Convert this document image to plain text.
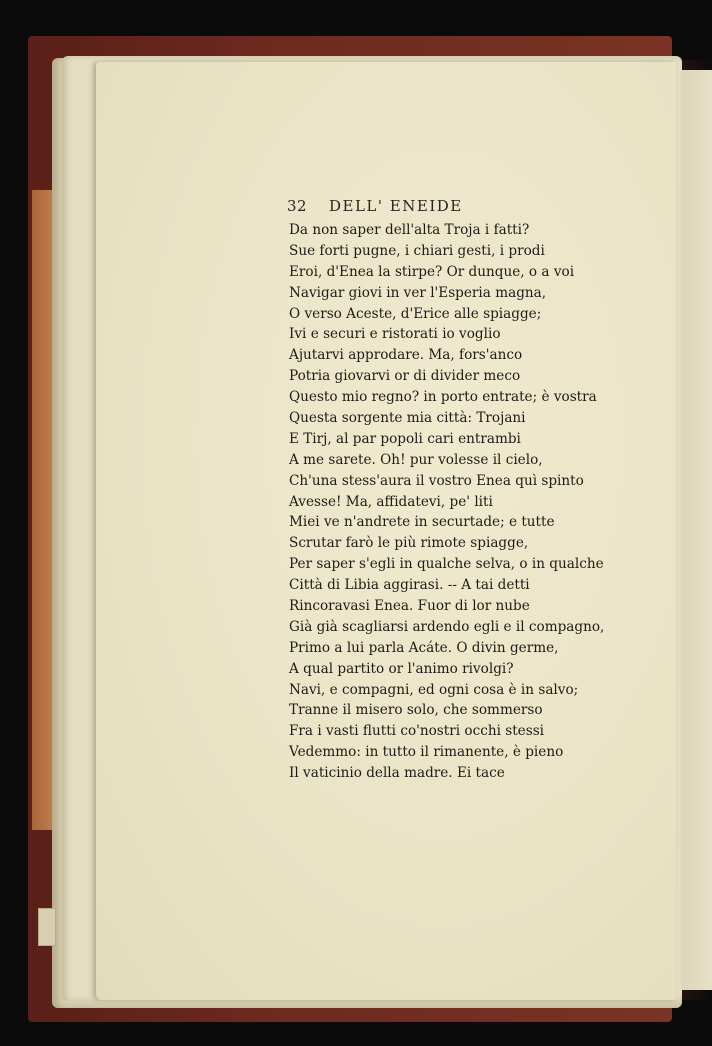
32 DELL' ENEIDE
Da non saper dell'alta Troja i fatti?
Sue forti pugne, i chiari gesti, i prodi
Eroi, d'Enea la stirpe? Or dunque, o a voi
Navigar giovi in ver l'Esperia magna,
O verso Aceste, d'Erice alle spiagge;
Ivi e securi e ristorati io voglio
Ajutarvi approdare. Ma, fors'anco
Potria giovarvi or di divider meco
Questo mio regno? in porto entrate; è vostra
Questa sorgente mia città: Trojani
E Tirj, al par popoli cari entrambi
A me sarete. Oh! pur volesse il cielo,
Ch'una stess'aura il vostro Enea quì spinto
Avesse! Ma, affidatevi, pe' liti
Miei ve n'andrete in securtade; e tutte
Scrutar farò le più rimote spiagge,
Per saper s'egli in qualche selva, o in qualche
Città di Libia aggirasi. -- A tai detti
Rincoravasi Enea. Fuor di lor nube
Già già scagliarsi ardendo egli e il compagno,
Primo a lui parla Acáte. O divin germe,
A qual partito or l'animo rivolgi?
Navi, e compagni, ed ogni cosa è in salvo;
Tranne il misero solo, che sommerso
Fra i vasti flutti co'nostri occhi stessi
Vedemmo: in tutto il rimanente, è pieno
Il vaticinio della madre. Ei tace
